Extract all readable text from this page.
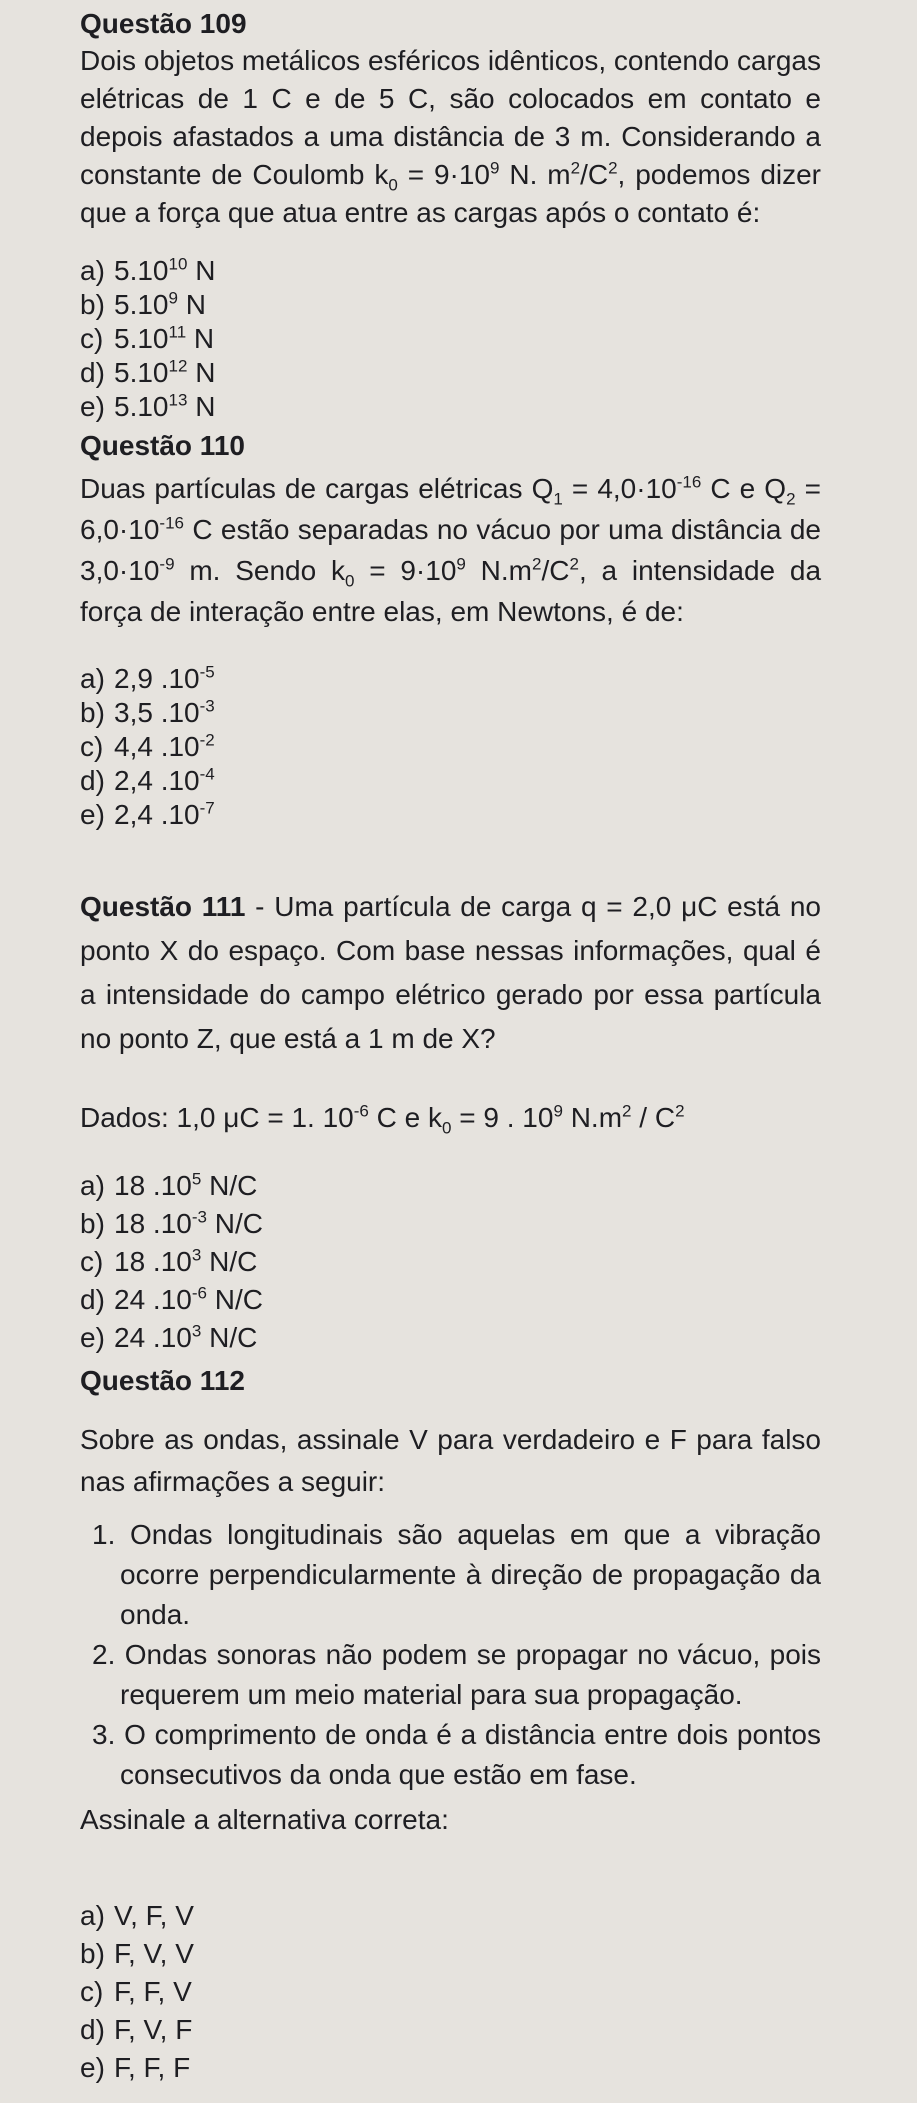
Questão 109

Dois objetos metálicos esféricos idênticos, contendo cargas elétricas de 1 C e de 5 C, são colocados em contato e depois afastados a uma distância de 3 m. Considerando a constante de Coulomb $k_0 = 9\cdot 10^9$ N. $m^2/C^2$, podemos dizer que a força que atua entre as cargas após o contato é:

a) 5.10$^{10}$ N
b) 5.10$^9$ N
c) 5.10$^{11}$ N
d) 5.10$^{12}$ N
e) 5.10$^{13}$ N
Questão 110

Duas partículas de cargas elétricas $Q_1 = 4,0\cdot 10^{-16}$ C e $Q_2 = 6,0\cdot 10^{-16}$ C estão separadas no vácuo por uma distância de $3,0\cdot 10^{-9}$ m. Sendo $k_0 = 9\cdot 10^9$ $N.m^2/C^2$, a intensidade da força de interação entre elas, em Newtons, é de:

a) 2,9 $.10^{-5}$
b) 3,5 $.10^{-3}$
c) 4,4 $.10^{-2}$
d) 2,4 $.10^{-4}$
e) 2,4 $.10^{-7}$

Questão 111 - Uma partícula de carga q = 2,0 μC está no ponto X do espaço. Com base nessas informações, qual é a intensidade do campo elétrico gerado por essa partícula no ponto Z, que está a 1 m de X?

Dados: 1,0 μC = 1. $10^{-6}$ C e $k_0 = 9$ . $10^9$ $N.m^2 / C^2$

a) 18 $.10^5$ N/C
b) 18 $.10^{-3}$ N/C
c) 18 $.10^3$ N/C
d) 24 $.10^{-6}$ N/C
e) 24 $.10^3$ N/C
Questão 112

Sobre as ondas, assinale V para verdadeiro e F para falso nas afirmações a seguir:

1. Ondas longitudinais são aquelas em que a vibração ocorre perpendicularmente à direção de propagação da onda.
2. Ondas sonoras não podem se propagar no vácuo, pois requerem um meio material para sua propagação.
3. O comprimento de onda é a distância entre dois pontos consecutivos da onda que estão em fase.

Assinale a alternativa correta:

a) V, F, V
b) F, V, V
c) F, F, V
d) F, V, F
e) F, F, F
